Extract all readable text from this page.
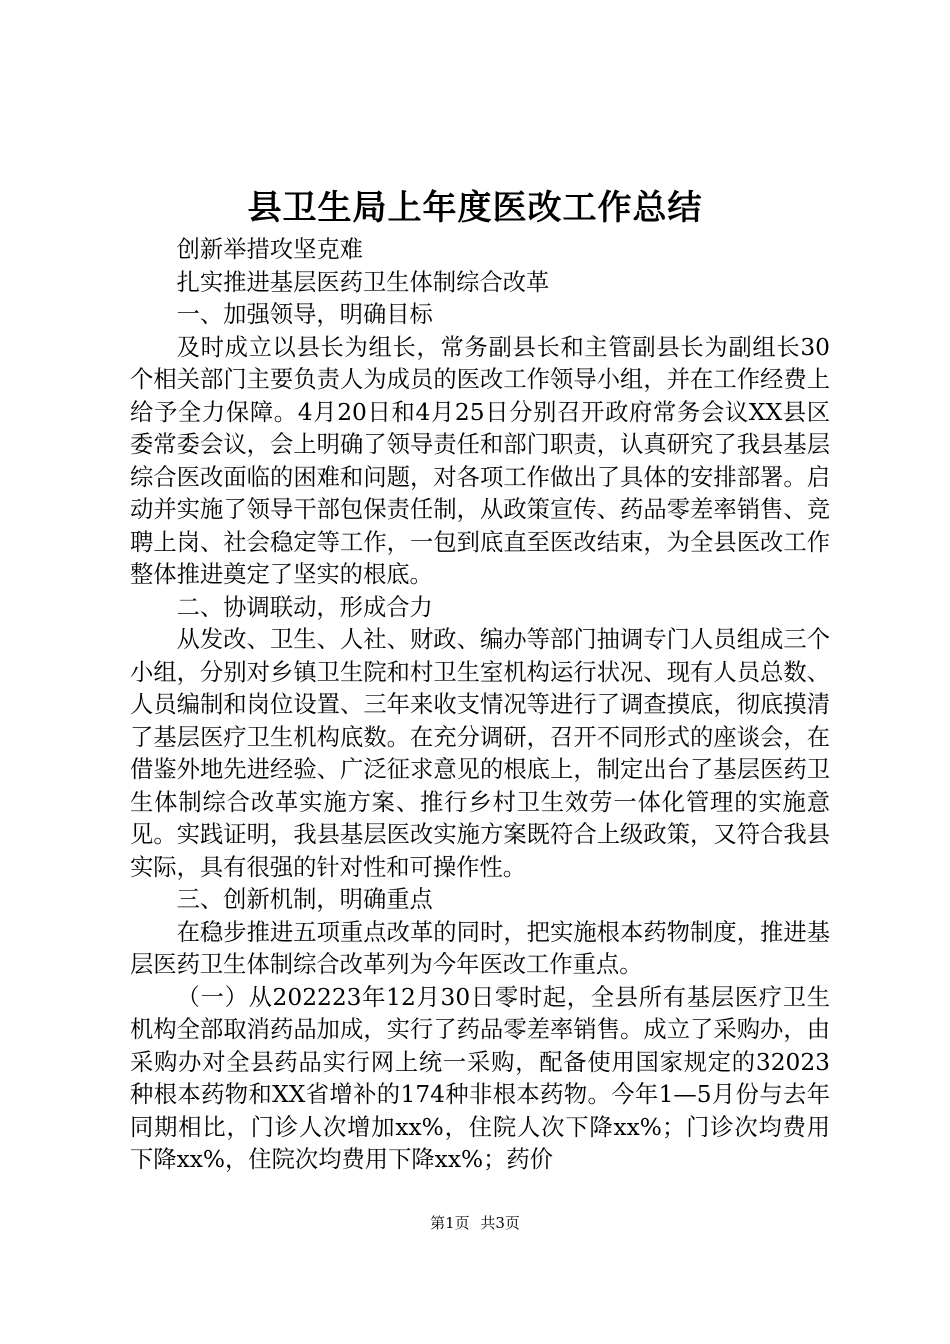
县卫生局上年度医改工作总结

创新举措攻坚克难

扎实推进基层医药卫生体制综合改革

一、加强领导，明确目标

及时成立以县长为组长，常务副县长和主管副县长为副组长30个相关部门主要负责人为成员的医改工作领导小组，并在工作经费上给予全力保障。4月20日和4月25日分别召开政府常务会议XX县区委常委会议，会上明确了领导责任和部门职责，认真研究了我县基层综合医改面临的困难和问题，对各项工作做出了具体的安排部署。启动并实施了领导干部包保责任制，从政策宣传、药品零差率销售、竞聘上岗、社会稳定等工作，一包到底直至医改结束，为全县医改工作整体推进奠定了坚实的根底。

二、协调联动，形成合力

从发改、卫生、人社、财政、编办等部门抽调专门人员组成三个小组，分别对乡镇卫生院和村卫生室机构运行状况、现有人员总数、人员编制和岗位设置、三年来收支情况等进行了调查摸底，彻底摸清了基层医疗卫生机构底数。在充分调研，召开不同形式的座谈会，在借鉴外地先进经验、广泛征求意见的根底上，制定出台了基层医药卫生体制综合改革实施方案、推行乡村卫生效劳一体化管理的实施意见。实践证明，我县基层医改实施方案既符合上级政策，又符合我县实际，具有很强的针对性和可操作性。

三、创新机制，明确重点

在稳步推进五项重点改革的同时，把实施根本药物制度，推进基层医药卫生体制综合改革列为今年医改工作重点。

（一）从202223年12月30日零时起，全县所有基层医疗卫生机构全部取消药品加成，实行了药品零差率销售。成立了采购办，由采购办对全县药品实行网上统一采购，配备使用国家规定的32023种根本药物和XX省增补的174种非根本药物。今年1—5月份与去年同期相比，门诊人次增加xx%，住院人次下降xx%；门诊次均费用下降xx%，住院次均费用下降xx%；药价

第1页 共3页
